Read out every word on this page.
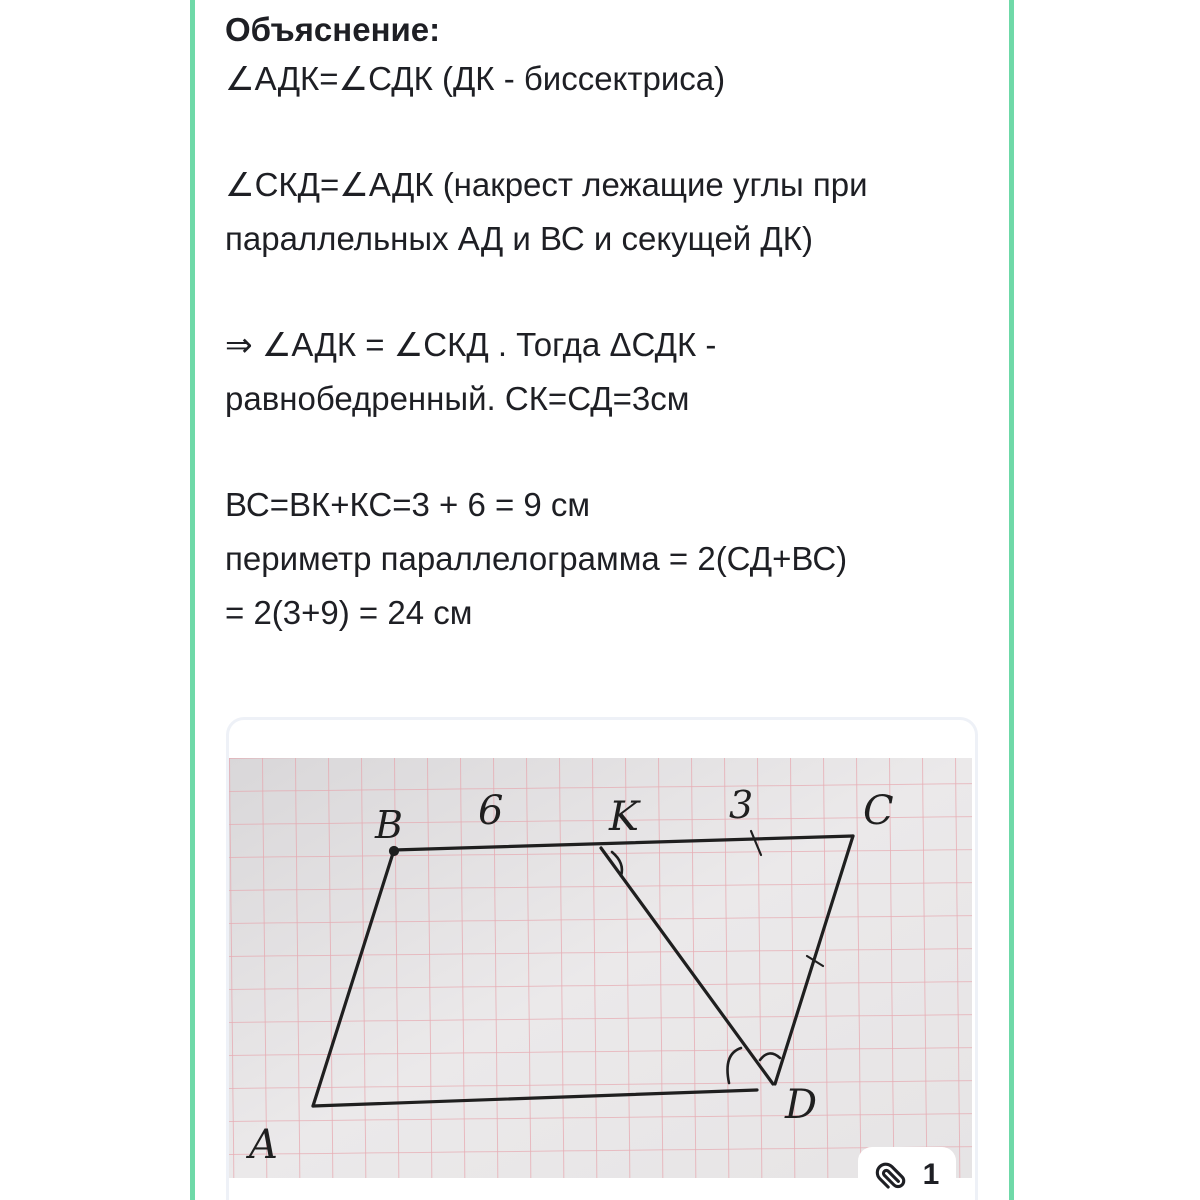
Объяснение:

∠АДК=∠СДК (ДК - биссектриса)

∠СКД=∠АДК (накрест лежащие углы при

параллельных АД и ВС и секущей ДК)

⇒ ∠АДК = ∠СКД . Тогда ΔСДК -

равнобедренный. СК=СД=3см

ВС=ВК+КС=3 + 6 = 9 см

периметр параллелограмма = 2(СД+ВС)

= 2(3+9) = 24 см

B 6	K 3	C
A
D
1
